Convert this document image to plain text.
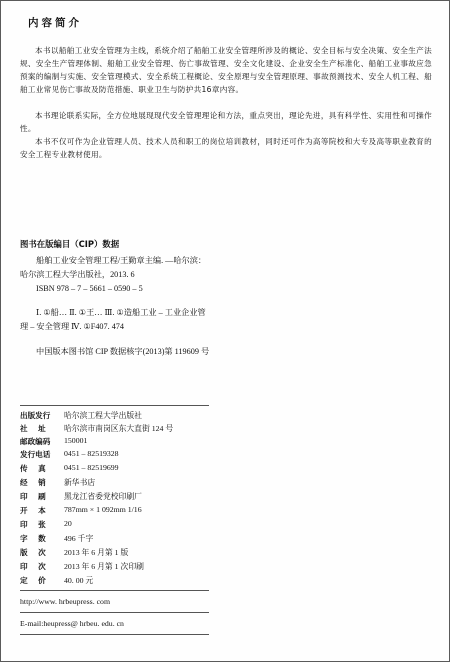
内容简介
本书以船舶工业安全管理为主线，系统介绍了船舶工业安全管理所涉及的概论、安全目标与安全决策、安全生产法规、安全生产管理体制、船舶工业安全管理、伤亡事故管理、安全文化建设、企业安全生产标准化、船舶工业事故应急预案的编制与实施、安全管理模式、安全系统工程概论、安全原理与安全管理原理、事故预测技术、安全人机工程、船舶工业常见伤亡事故及防范措施、职业卫生与防护共16章内容。
本书理论联系实际，全方位地展现现代安全管理理论和方法，重点突出，理论先进，具有科学性、实用性和可操作性。
本书不仅可作为企业管理人员、技术人员和职工的岗位培训教材，同时还可作为高等院校和大专及高等职业教育的安全工程专业教材使用。
图书在版编目（CIP）数据
船舶工业安全管理工程/王勤章主编. —哈尔滨：
哈尔滨工程大学出版社，2013. 6
ISBN 978 – 7 – 5661 – 0590 – 5
Ⅰ. ①船… Ⅱ. ①王… Ⅲ. ①造船工业 – 工业企业管
理 – 安全管理 Ⅳ. ①F407. 474
中国版本图书馆 CIP 数据核字(2013)第 119609 号
出版发行	哈尔滨工程大学出版社
社    址	哈尔滨市南岗区东大直街 124 号
邮政编码	150001
发行电话	0451 – 82519328
传    真	0451 – 82519699
经    销	新华书店
印    刷	黑龙江省委党校印刷厂
开    本	787mm × 1 092mm 1/16
印    张	20
字    数	496 千字
版    次	2013 年 6 月第 1 版
印    次	2013 年 6 月第 1 次印刷
定    价	40. 00 元
http://www. hrbeupress. com
E-mail:heupress@ hrbeu. edu. cn
